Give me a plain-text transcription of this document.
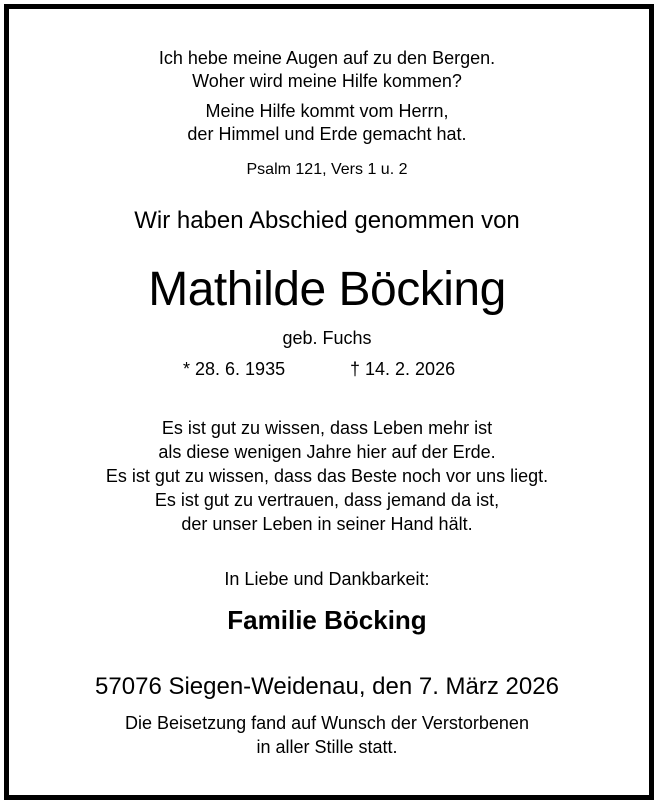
Ich hebe meine Augen auf zu den Bergen.
Woher wird meine Hilfe kommen?
Meine Hilfe kommt vom Herrn,
der Himmel und Erde gemacht hat.
Psalm 121, Vers 1 u. 2
Wir haben Abschied genommen von
Mathilde Böcking
geb. Fuchs
* 28. 6. 1935	† 14. 2. 2026
Es ist gut zu wissen, dass Leben mehr ist
als diese wenigen Jahre hier auf der Erde.
Es ist gut zu wissen, dass das Beste noch vor uns liegt.
Es ist gut zu vertrauen, dass jemand da ist,
der unser Leben in seiner Hand hält.
In Liebe und Dankbarkeit:
Familie Böcking
57076 Siegen-Weidenau, den 7. März 2026
Die Beisetzung fand auf Wunsch der Verstorbenen
in aller Stille statt.
